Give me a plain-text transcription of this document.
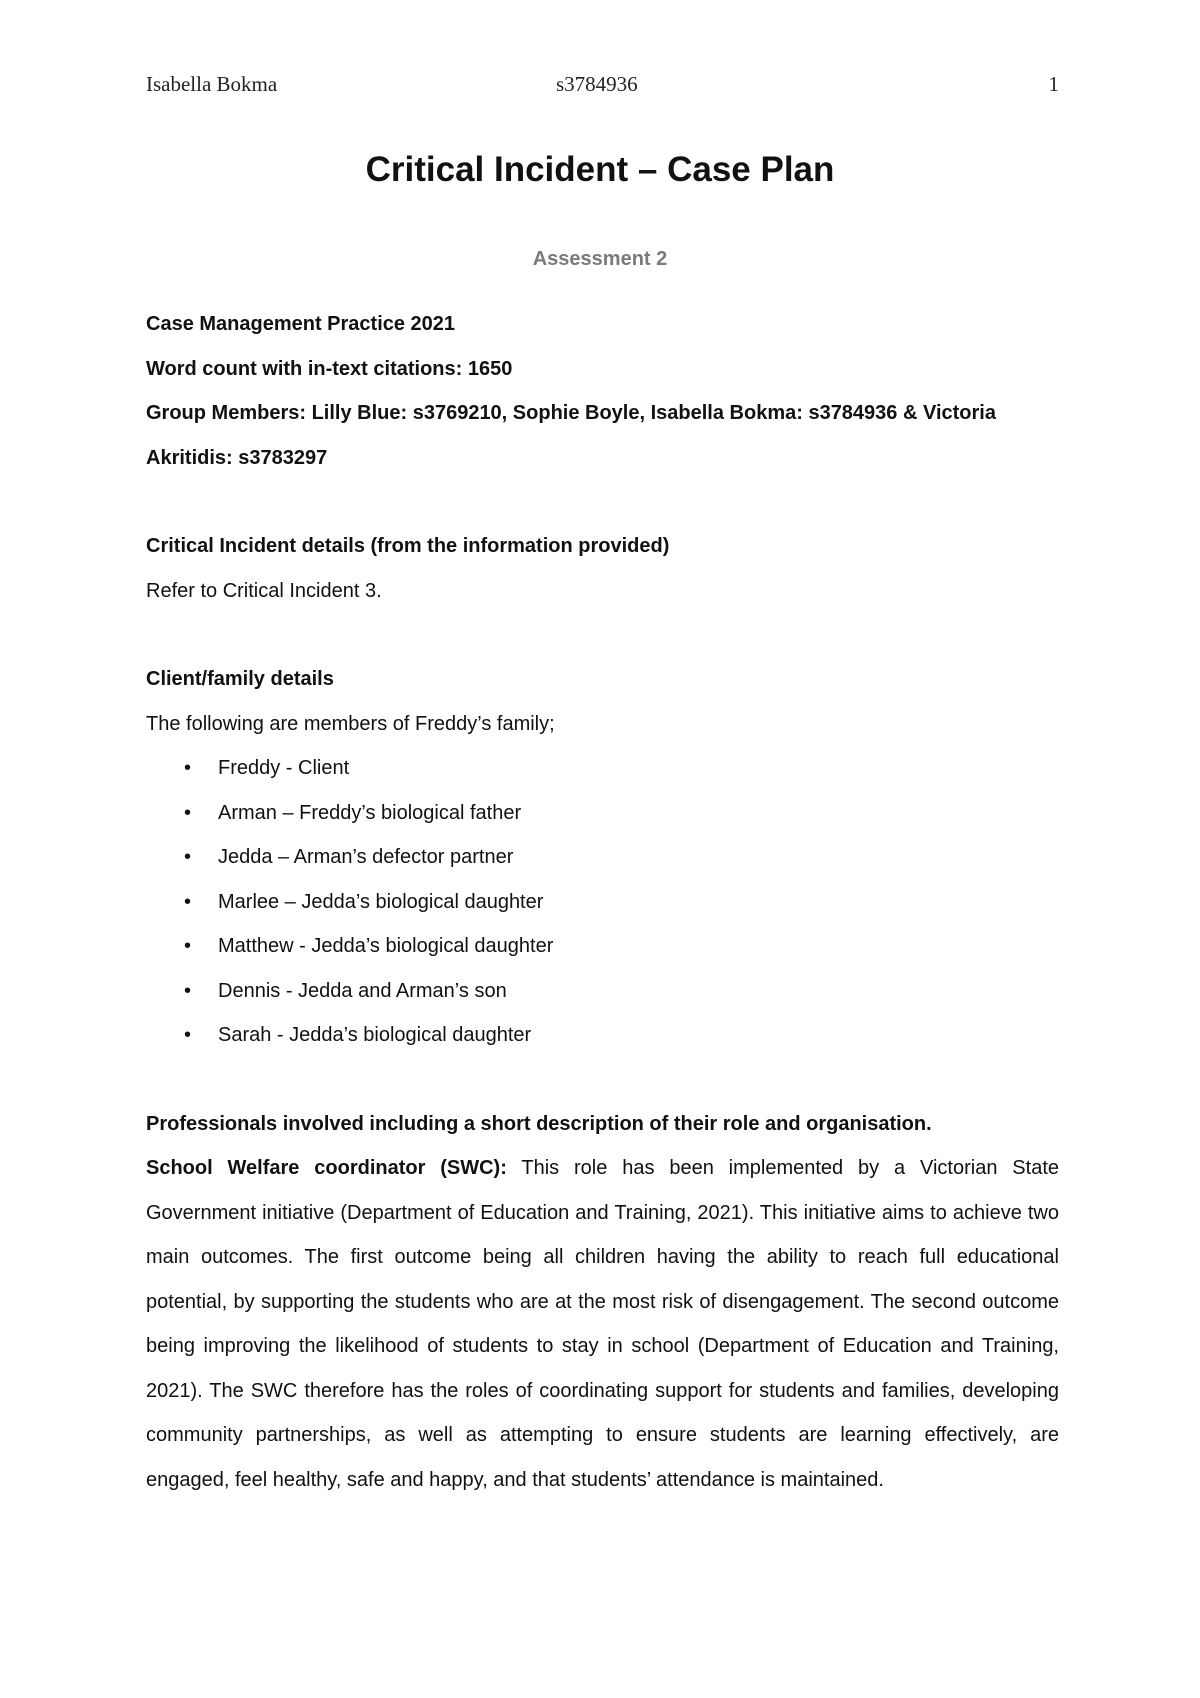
Isabella Bokma	s3784936	1
Critical Incident – Case Plan
Assessment 2

Case Management Practice 2021

Word count with in-text citations: 1650

Group Members: Lilly Blue: s3769210, Sophie Boyle, Isabella Bokma: s3784936 & Victoria

Akritidis: s3783297

Critical Incident details (from the information provided)

Refer to Critical Incident 3.

Client/family details

The following are members of Freddy’s family;

• Freddy - Client
• Arman – Freddy’s biological father
• Jedda – Arman’s defector partner
• Marlee – Jedda’s biological daughter
• Matthew - Jedda’s biological daughter
• Dennis - Jedda and Arman’s son
• Sarah - Jedda’s biological daughter

Professionals involved including a short description of their role and organisation.

School Welfare coordinator (SWC): This role has been implemented by a Victorian State Government initiative (Department of Education and Training, 2021). This initiative aims to achieve two main outcomes. The first outcome being all children having the ability to reach full educational potential, by supporting the students who are at the most risk of disengagement. The second outcome being improving the likelihood of students to stay in school (Department of Education and Training, 2021). The SWC therefore has the roles of coordinating support for students and families, developing community partnerships, as well as attempting to ensure students are learning effectively, are engaged, feel healthy, safe and happy, and that students’ attendance is maintained.
